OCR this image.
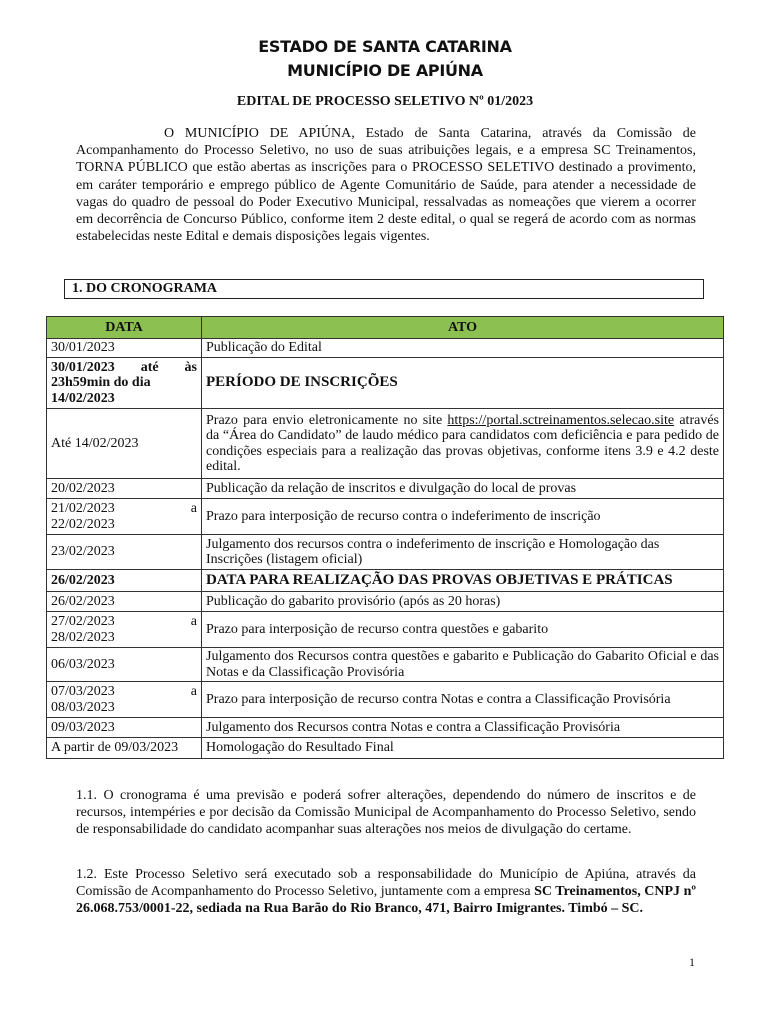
ESTADO DE SANTA CATARINA
MUNICÍPIO DE APIÚNA
EDITAL DE PROCESSO SELETIVO Nº 01/2023

O MUNICÍPIO DE APIÚNA, Estado de Santa Catarina, através da Comissão de Acompanhamento do Processo Seletivo, no uso de suas atribuições legais, e a empresa SC Treinamentos, TORNA PÚBLICO que estão abertas as inscrições para o PROCESSO SELETIVO destinado a provimento, em caráter temporário e emprego público de Agente Comunitário de Saúde, para atender a necessidade de vagas do quadro de pessoal do Poder Executivo Municipal, ressalvadas as nomeações que vierem a ocorrer em decorrência de Concurso Público, conforme item 2 deste edital, o qual se regerá de acordo com as normas estabelecidas neste Edital e demais disposições legais vigentes.

1. DO CRONOGRAMA
DATA	ATO
30/01/2023	Publicação do Edital

30/01/2023 até às
23h59min do dia
14/02/2023	PERÍODO DE INSCRIÇÕES
Até 14/02/2023	Prazo para envio eletronicamente no site https://portal.sctreinamentos.selecao.site através da “Área do Candidato” de laudo médico para candidatos com deficiência e para pedido de condições especiais para a realização das provas objetivas, conforme itens 3.9 e 4.2 deste edital.
20/02/2023	Publicação da relação de inscritos e divulgação do local de provas

21/02/2023 a
22/02/2023	Prazo para interposição de recurso contra o indeferimento de inscrição
23/02/2023	Julgamento dos recursos contra o indeferimento de inscrição e Homologação das Inscrições (listagem oficial)
26/02/2023	DATA PARA REALIZAÇÃO DAS PROVAS OBJETIVAS E PRÁTICAS
26/02/2023	Publicação do gabarito provisório (após as 20 horas)

27/02/2023 a
28/02/2023	Prazo para interposição de recurso contra questões e gabarito
06/03/2023	Julgamento dos Recursos contra questões e gabarito e Publicação do Gabarito Oficial e das Notas e da Classificação Provisória

07/03/2023 a
08/03/2023	Prazo para interposição de recurso contra Notas e contra a Classificação Provisória
09/03/2023	Julgamento dos Recursos contra Notas e contra a Classificação Provisória
A partir de 09/03/2023	Homologação do Resultado Final

1.1. O cronograma é uma previsão e poderá sofrer alterações, dependendo do número de inscritos e de recursos, intempéries e por decisão da Comissão Municipal de Acompanhamento do Processo Seletivo, sendo de responsabilidade do candidato acompanhar suas alterações nos meios de divulgação do certame.

1.2. Este Processo Seletivo será executado sob a responsabilidade do Município de Apiúna, através da Comissão de Acompanhamento do Processo Seletivo, juntamente com a empresa SC Treinamentos, CNPJ nº 26.068.753/0001-22, sediada na Rua Barão do Rio Branco, 471, Bairro Imigrantes. Timbó – SC.

1
